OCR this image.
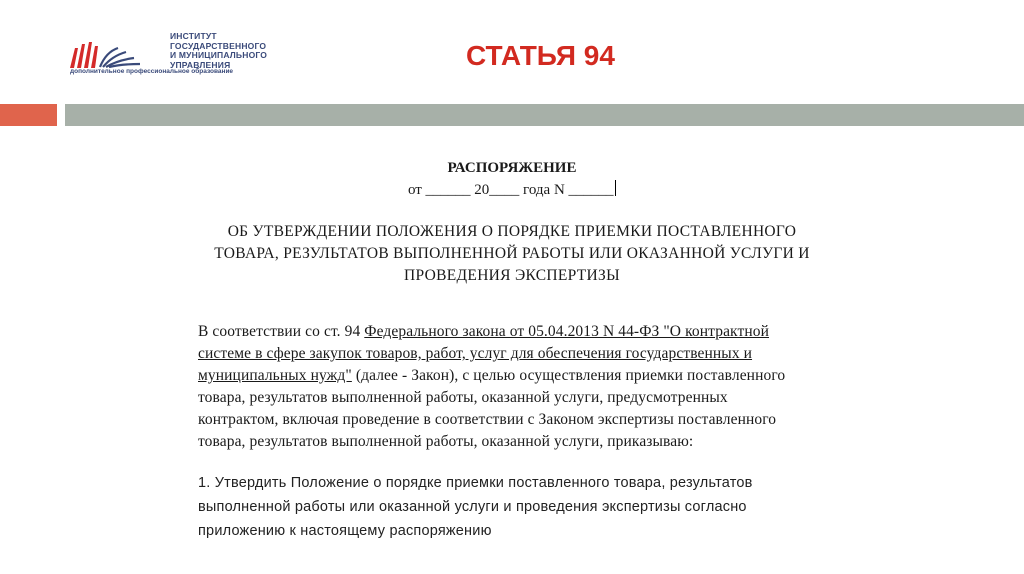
ИНСТИТУТ
ГОСУДАРСТВЕННОГО
И МУНИЦИПАЛЬНОГО
УПРАВЛЕНИЯ
дополнительное профессиональное образование
СТАТЬЯ 94
РАСПОРЯЖЕНИЕ
от ______ 20____ года N ______
ОБ УТВЕРЖДЕНИИ ПОЛОЖЕНИЯ О ПОРЯДКЕ ПРИЕМКИ ПОСТАВЛЕННОГО
ТОВАРА, РЕЗУЛЬТАТОВ ВЫПОЛНЕННОЙ РАБОТЫ ИЛИ ОКАЗАННОЙ УСЛУГИ И
ПРОВЕДЕНИЯ ЭКСПЕРТИЗЫ
В соответствии со ст. 94 Федерального закона от 05.04.2013 N 44-ФЗ "О контрактной
системе в сфере закупок товаров, работ, услуг для обеспечения государственных и
муниципальных нужд" (далее - Закон), с целью осуществления приемки поставленного
товара, результатов выполненной работы, оказанной услуги, предусмотренных
контрактом, включая проведение в соответствии с Законом экспертизы поставленного
товара, результатов выполненной работы, оказанной услуги, приказываю:
1. Утвердить Положение о порядке приемки поставленного товара, результатов
выполненной работы или оказанной услуги и проведения экспертизы согласно
приложению к настоящему распоряжению
